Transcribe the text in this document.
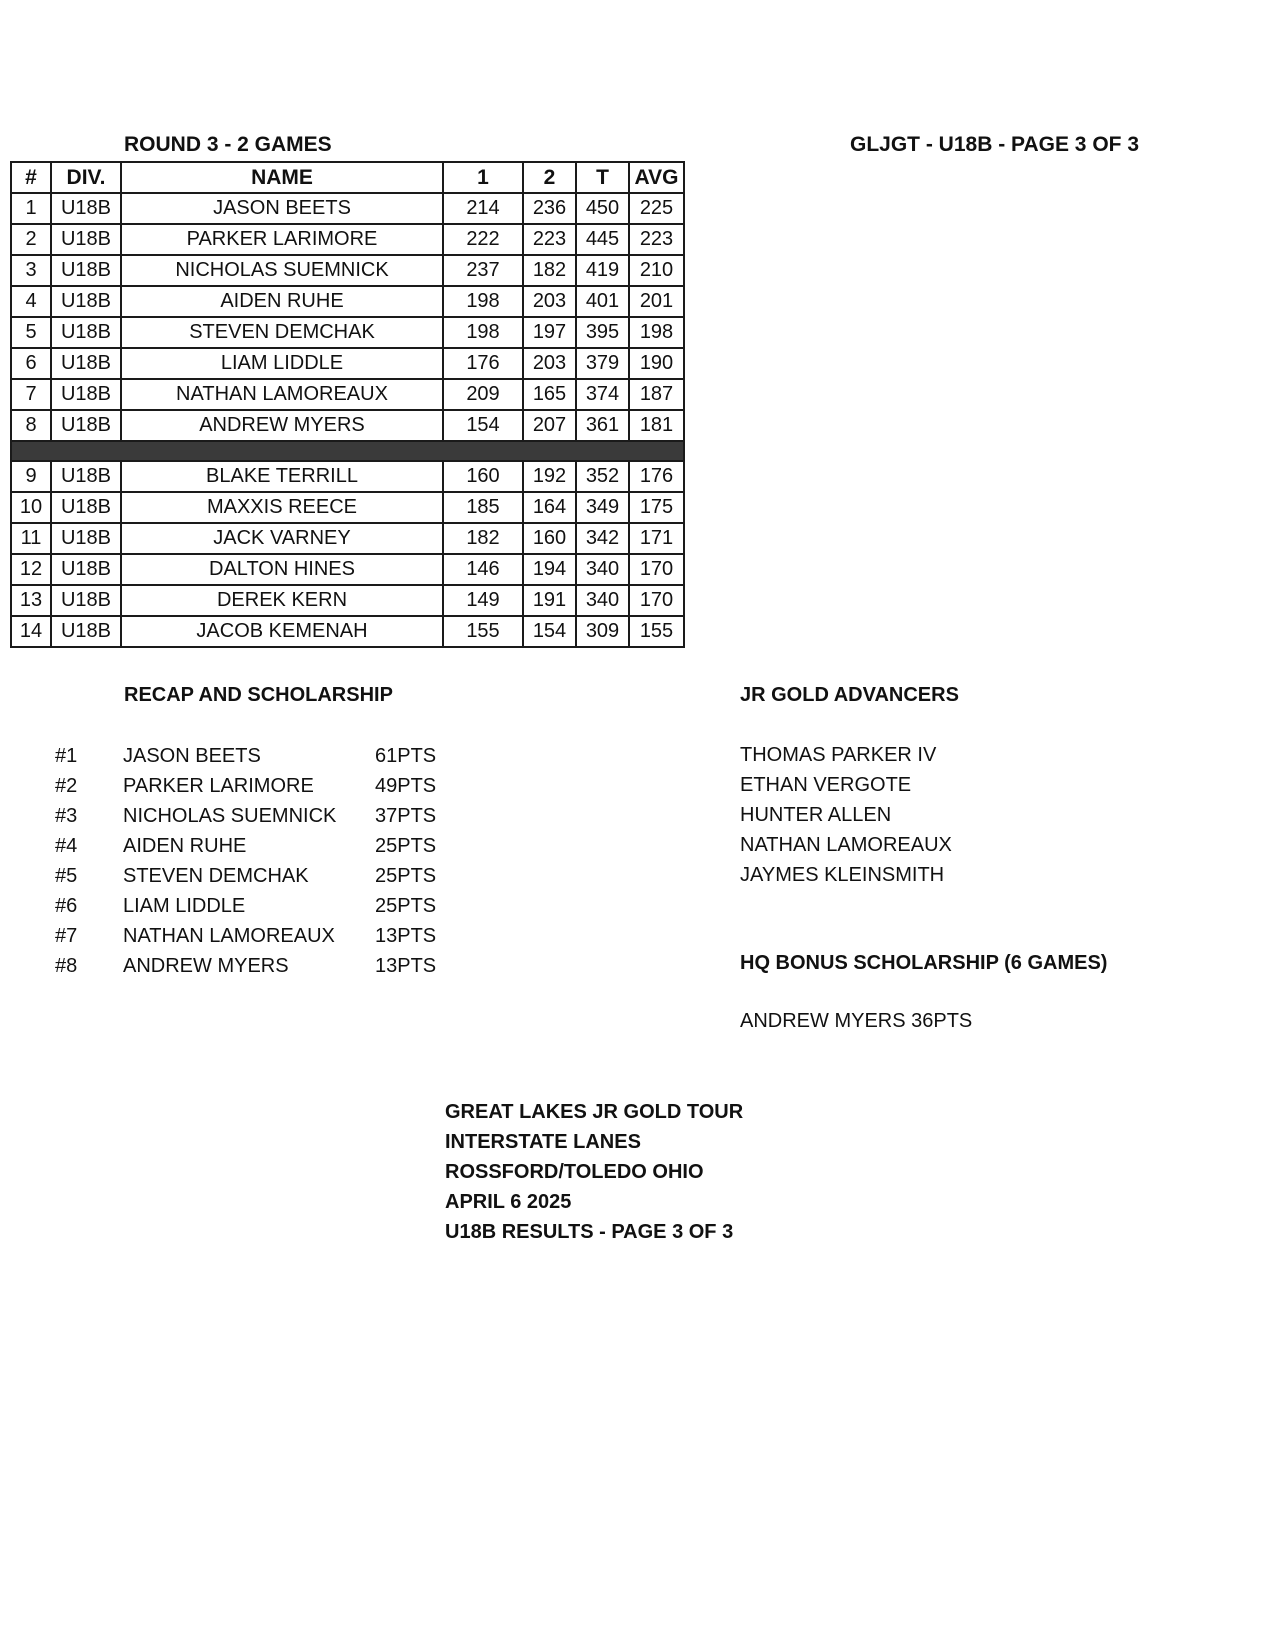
ROUND 3 - 2 GAMES	GLJGT - U18B - PAGE 3 OF 3
#	DIV.	NAME	1	2	T	AVG
1	U18B	JASON BEETS	214	236	450	225
2	U18B	PARKER LARIMORE	222	223	445	223
3	U18B	NICHOLAS SUEMNICK	237	182	419	210
4	U18B	AIDEN RUHE	198	203	401	201
5	U18B	STEVEN DEMCHAK	198	197	395	198
6	U18B	LIAM LIDDLE	176	203	379	190
7	U18B	NATHAN LAMOREAUX	209	165	374	187
8	U18B	ANDREW MYERS	154	207	361	181

9	U18B	BLAKE TERRILL	160	192	352	176
10	U18B	MAXXIS REECE	185	164	349	175
11	U18B	JACK VARNEY	182	160	342	171
12	U18B	DALTON HINES	146	194	340	170
13	U18B	DEREK KERN	149	191	340	170
14	U18B	JACOB KEMENAH	155	154	309	155
RECAP AND SCHOLARSHIP
#1 JASON BEETS	61PTS
#2 PARKER LARIMORE	49PTS
#3 NICHOLAS SUEMNICK 37PTS
#4 AIDEN RUHE	25PTS
#5 STEVEN DEMCHAK	25PTS
#6 LIAM LIDDLE	25PTS
#7 NATHAN LAMOREAUX 13PTS
#8 ANDREW MYERS	13PTS
JR GOLD ADVANCERS
THOMAS PARKER IV
ETHAN VERGOTE
HUNTER ALLEN
NATHAN LAMOREAUX
JAYMES KLEINSMITH
HQ BONUS SCHOLARSHIP (6 GAMES)
ANDREW MYERS 36PTS
GREAT LAKES JR GOLD TOUR
INTERSTATE LANES
ROSSFORD/TOLEDO OHIO
APRIL 6 2025
U18B RESULTS - PAGE 3 OF 3
